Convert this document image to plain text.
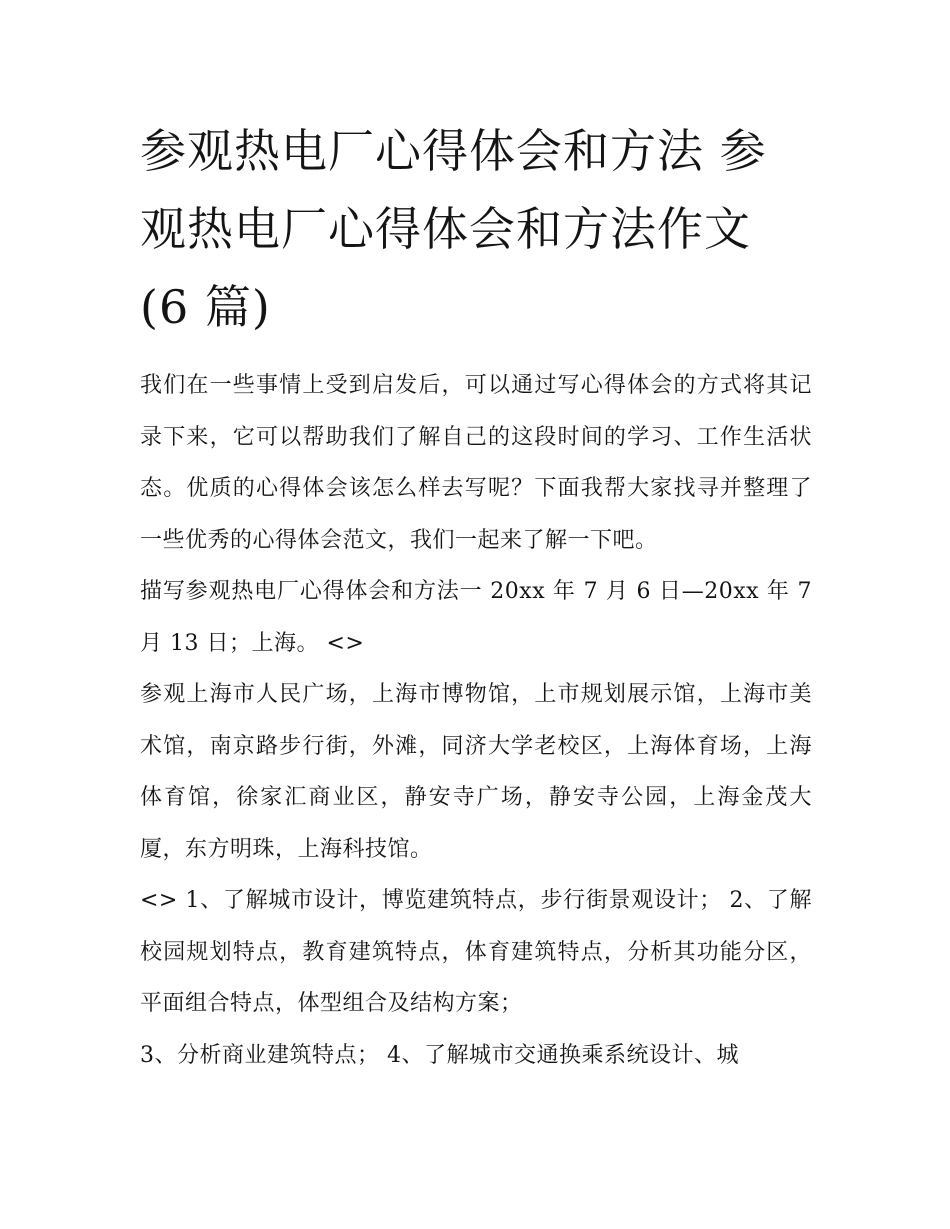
参观热电厂心得体会和方法 参观热电厂心得体会和方法作文 (6 篇)

我们在一些事情上受到启发后，可以通过写心得体会的方式将其记录下来，它可以帮助我们了解自己的这段时间的学习、工作生活状态。优质的心得体会该怎么样去写呢？下面我帮大家找寻并整理了一些优秀的心得体会范文，我们一起来了解一下吧。

描写参观热电厂心得体会和方法一 20xx 年 7 月 6 日—20xx 年 7 月 13 日；上海。 <>

参观上海市人民广场，上海市博物馆，上市规划展示馆，上海市美术馆，南京路步行街，外滩，同济大学老校区，上海体育场，上海体育馆，徐家汇商业区，静安寺广场，静安寺公园，上海金茂大厦，东方明珠，上海科技馆。

<> 1、了解城市设计，博览建筑特点，步行街景观设计； 2、了解校园规划特点，教育建筑特点，体育建筑特点，分析其功能分区，平面组合特点，体型组合及结构方案；

3、分析商业建筑特点； 4、了解城市交通换乘系统设计、城
